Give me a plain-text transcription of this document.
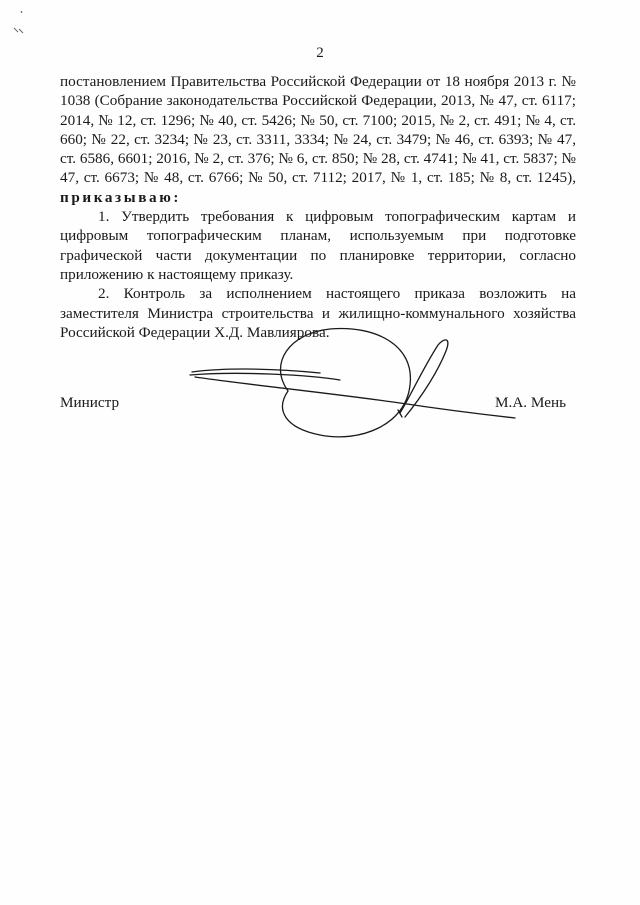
2

постановлением Правительства Российской Федерации от 18 ноября 2013 г. № 1038 (Собрание законодательства Российской Федерации, 2013, № 47, ст. 6117; 2014, № 12, ст. 1296; № 40, ст. 5426; № 50, ст. 7100; 2015, № 2, ст. 491; № 4, ст. 660; № 22, ст. 3234; № 23, ст. 3311, 3334; № 24, ст. 3479; № 46, ст. 6393; № 47, ст. 6586, 6601; 2016, № 2, ст. 376; № 6, ст. 850; № 28, ст. 4741; № 41, ст. 5837; № 47, ст. 6673; № 48, ст. 6766; № 50, ст. 7112; 2017, № 1, ст. 185; № 8, ст. 1245), приказываю:

1. Утвердить требования к цифровым топографическим картам и цифровым топографическим планам, используемым при подготовке графической части документации по планировке территории, согласно приложению к настоящему приказу.

2. Контроль за исполнением настоящего приказа возложить на заместителя Министра строительства и жилищно-коммунального хозяйства Российской Федерации Х.Д. Мавлиярова.

Министр	М.А. Мень
